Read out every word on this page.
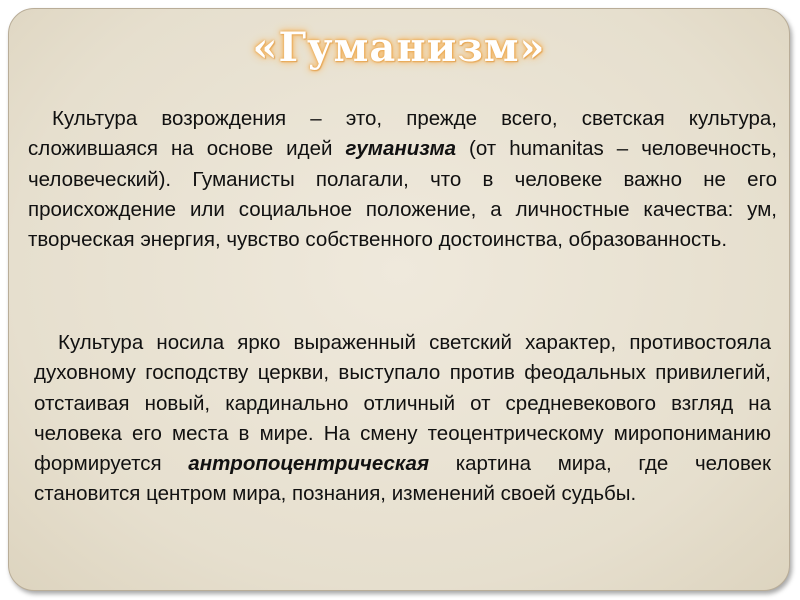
«Гуманизм»

Культура возрождения – это, прежде всего, светская культура, сложившаяся на основе идей гуманизма (от humanitas – человечность, человеческий). Гуманисты полагали, что в человеке важно не его происхождение или социальное положение, а личностные качества: ум, творческая энергия, чувство собственного достоинства, образованность.

Культура носила ярко выраженный светский характер, противостояла духовному господству церкви, выступало против феодальных привилегий, отстаивая новый, кардинально отличный от средневекового взгляд на человека его места в мире. На смену теоцентрическому миропониманию формируется антропоцентрическая картина мира, где человек становится центром мира, познания, изменений своей судьбы.
